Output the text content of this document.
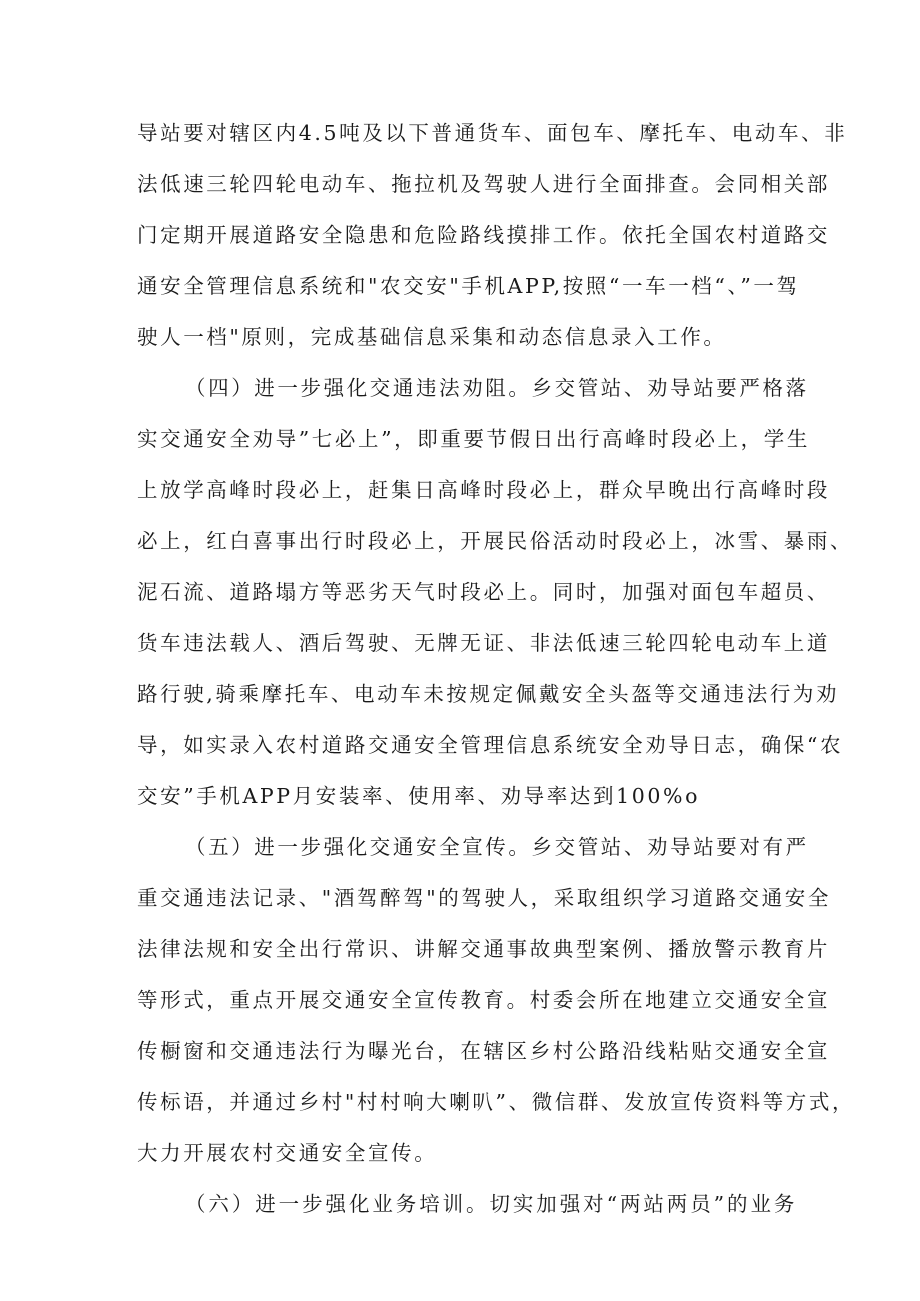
导站要对辖区内4.5吨及以下普通货车、面包车、摩托车、电动车、非
法低速三轮四轮电动车、拖拉机及驾驶人进行全面排查。会同相关部
门定期开展道路安全隐患和危险路线摸排工作。依托全国农村道路交
通安全管理信息系统和"农交安"手机APP,按照“一车一档“、”一驾
驶人一档"原则，完成基础信息采集和动态信息录入工作。
（四）进一步强化交通违法劝阻。乡交管站、劝导站要严格落
实交通安全劝导”七必上”，即重要节假日出行高峰时段必上，学生
上放学高峰时段必上，赶集日高峰时段必上，群众早晚出行高峰时段
必上，红白喜事出行时段必上，开展民俗活动时段必上，冰雪、暴雨、
泥石流、道路塌方等恶劣天气时段必上。同时，加强对面包车超员、
货车违法载人、酒后驾驶、无牌无证、非法低速三轮四轮电动车上道
路行驶,骑乘摩托车、电动车未按规定佩戴安全头盔等交通违法行为劝
导，如实录入农村道路交通安全管理信息系统安全劝导日志，确保“农
交安”手机APP月安装率、使用率、劝导率达到100%o
（五）进一步强化交通安全宣传。乡交管站、劝导站要对有严
重交通违法记录、"酒驾醉驾"的驾驶人，采取组织学习道路交通安全
法律法规和安全出行常识、讲解交通事故典型案例、播放警示教育片
等形式，重点开展交通安全宣传教育。村委会所在地建立交通安全宣
传橱窗和交通违法行为曝光台，在辖区乡村公路沿线粘贴交通安全宣
传标语，并通过乡村"村村响大喇叭”、微信群、发放宣传资料等方式，
大力开展农村交通安全宣传。
（六）进一步强化业务培训。切实加强对“两站两员”的业务
